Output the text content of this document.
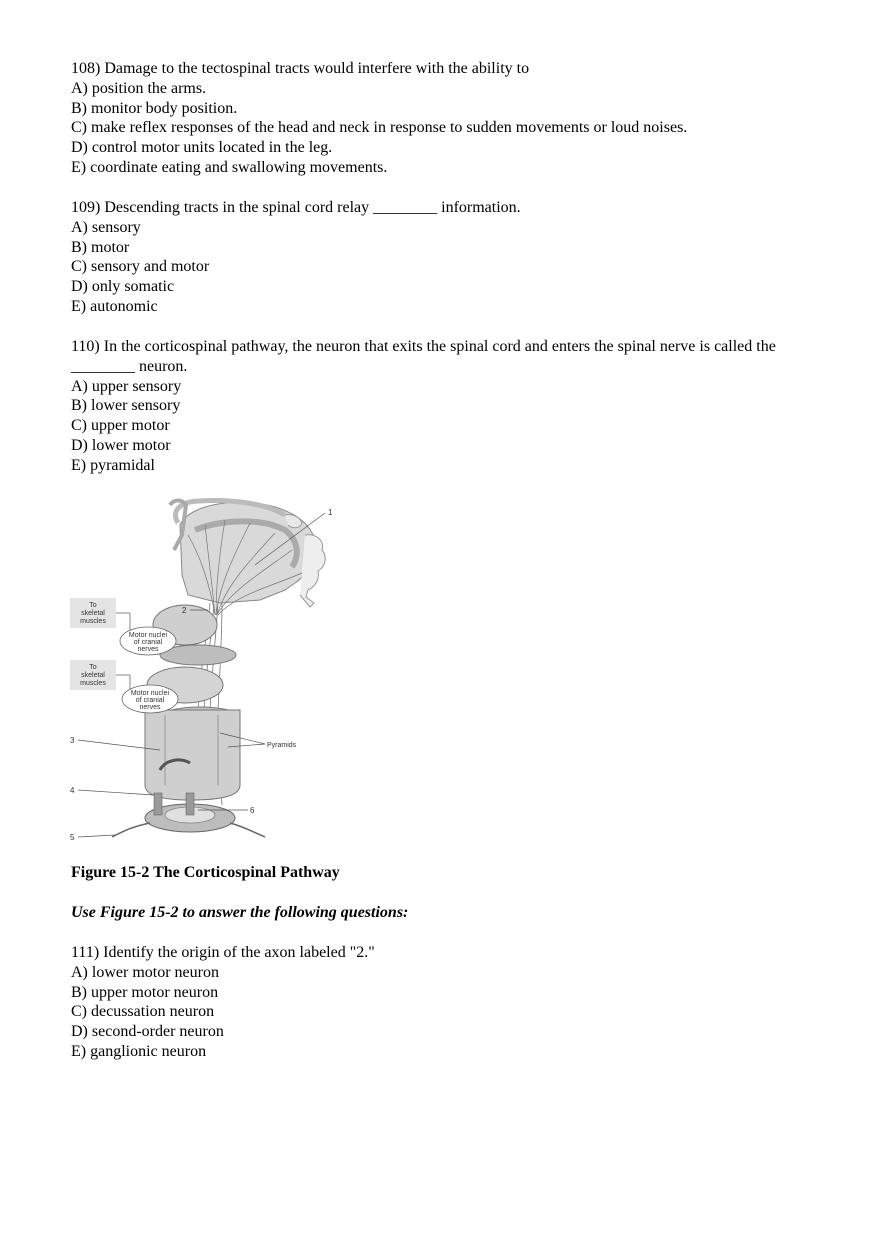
108) Damage to the tectospinal tracts would interfere with the ability to
A) position the arms.
B) monitor body position.
C) make reflex responses of the head and neck in response to sudden movements or loud noises.
D) control motor units located in the leg.
E) coordinate eating and swallowing movements.
109) Descending tracts in the spinal cord relay ________ information.
A) sensory
B) motor
C) sensory and motor
D) only somatic
E) autonomic
110) In the corticospinal pathway, the neuron that exits the spinal cord and enters the spinal nerve is called the ________ neuron.
A) upper sensory
B) lower sensory
C) upper motor
D) lower motor
E) pyramidal
To
skeletal
muscles
Motor nuclei
of cranial
nerves
To
skeletal
muscles
Motor nuclei
of cranial
nerves
Pyramids
1
2
3
4
5
6
Figure 15-2 The Corticospinal Pathway
Use Figure 15-2 to answer the following questions:
111) Identify the origin of the axon labeled "2."
A) lower motor neuron
B) upper motor neuron
C) decussation neuron
D) second-order neuron
E) ganglionic neuron
